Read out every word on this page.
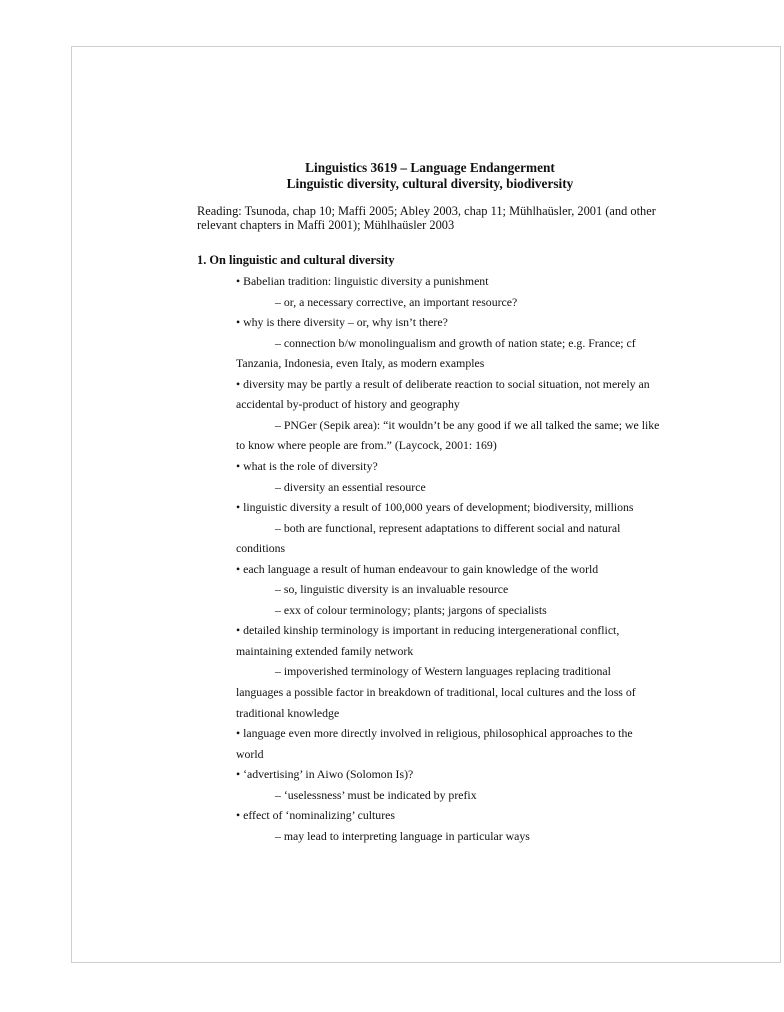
Linguistics 3619 – Language Endangerment
Linguistic diversity, cultural diversity, biodiversity
Reading: Tsunoda, chap 10; Maffi 2005; Abley 2003, chap 11; Mühlhaüsler, 2001 (and other
relevant chapters in Maffi 2001); Mühlhaüsler 2003
1. On linguistic and cultural diversity
• Babelian tradition: linguistic diversity a punishment
– or, a necessary corrective, an important resource?
• why is there diversity – or, why isn’t there?
– connection b/w monolingualism and growth of nation state; e.g. France; cf
Tanzania, Indonesia, even Italy, as modern examples
• diversity may be partly a result of deliberate reaction to social situation, not merely an
accidental by-product of history and geography
– PNGer (Sepik area): “it wouldn’t be any good if we all talked the same; we like
to know where people are from.” (Laycock, 2001: 169)
• what is the role of diversity?
– diversity an essential resource
• linguistic diversity a result of 100,000 years of development; biodiversity, millions
– both are functional, represent adaptations to different social and natural
conditions
• each language a result of human endeavour to gain knowledge of the world
– so, linguistic diversity is an invaluable resource
– exx of colour terminology; plants; jargons of specialists
• detailed kinship terminology is important in reducing intergenerational conflict,
maintaining extended family network
– impoverished terminology of Western languages replacing traditional
languages a possible factor in breakdown of traditional, local cultures and the loss of
traditional knowledge
• language even more directly involved in religious, philosophical approaches to the
world
• ‘advertising’ in Aiwo (Solomon Is)?
– ‘uselessness’ must be indicated by prefix
• effect of ‘nominalizing’ cultures
– may lead to interpreting language in particular ways
